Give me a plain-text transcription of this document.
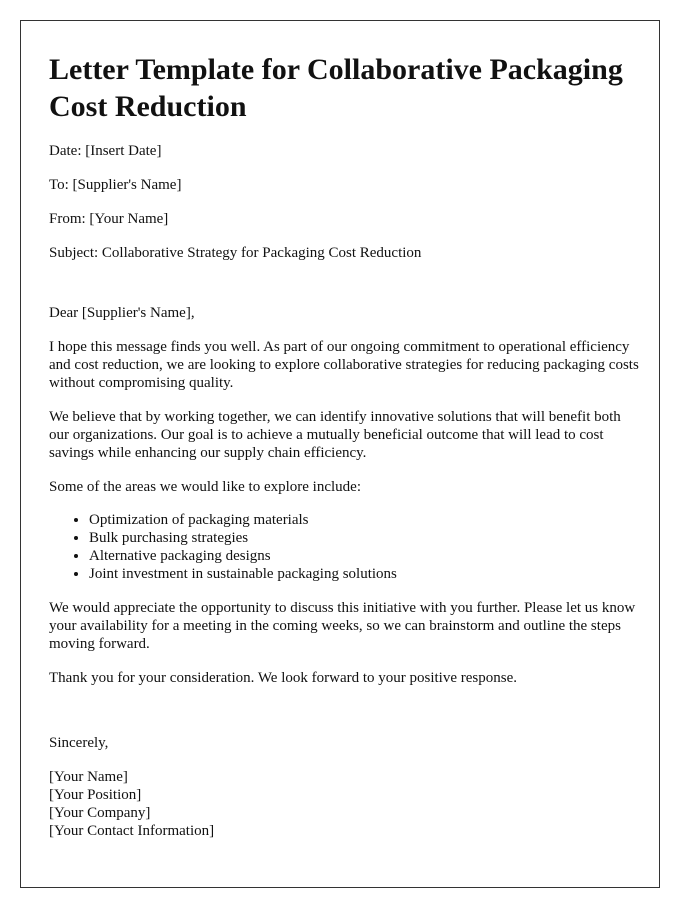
Letter Template for Collaborative Packaging Cost Reduction

Date: [Insert Date]

To: [Supplier's Name]

From: [Your Name]

Subject: Collaborative Strategy for Packaging Cost Reduction

Dear [Supplier's Name],

I hope this message finds you well. As part of our ongoing commitment to operational efficiency and cost reduction, we are looking to explore collaborative strategies for reducing packaging costs without compromising quality.

We believe that by working together, we can identify innovative solutions that will benefit both our organizations. Our goal is to achieve a mutually beneficial outcome that will lead to cost savings while enhancing our supply chain efficiency.

Some of the areas we would like to explore include:

• Optimization of packaging materials
• Bulk purchasing strategies
• Alternative packaging designs
• Joint investment in sustainable packaging solutions

We would appreciate the opportunity to discuss this initiative with you further. Please let us know your availability for a meeting in the coming weeks, so we can brainstorm and outline the steps moving forward.

Thank you for your consideration. We look forward to your positive response.

Sincerely,
[Your Name]
[Your Position]
[Your Company]
[Your Contact Information]
